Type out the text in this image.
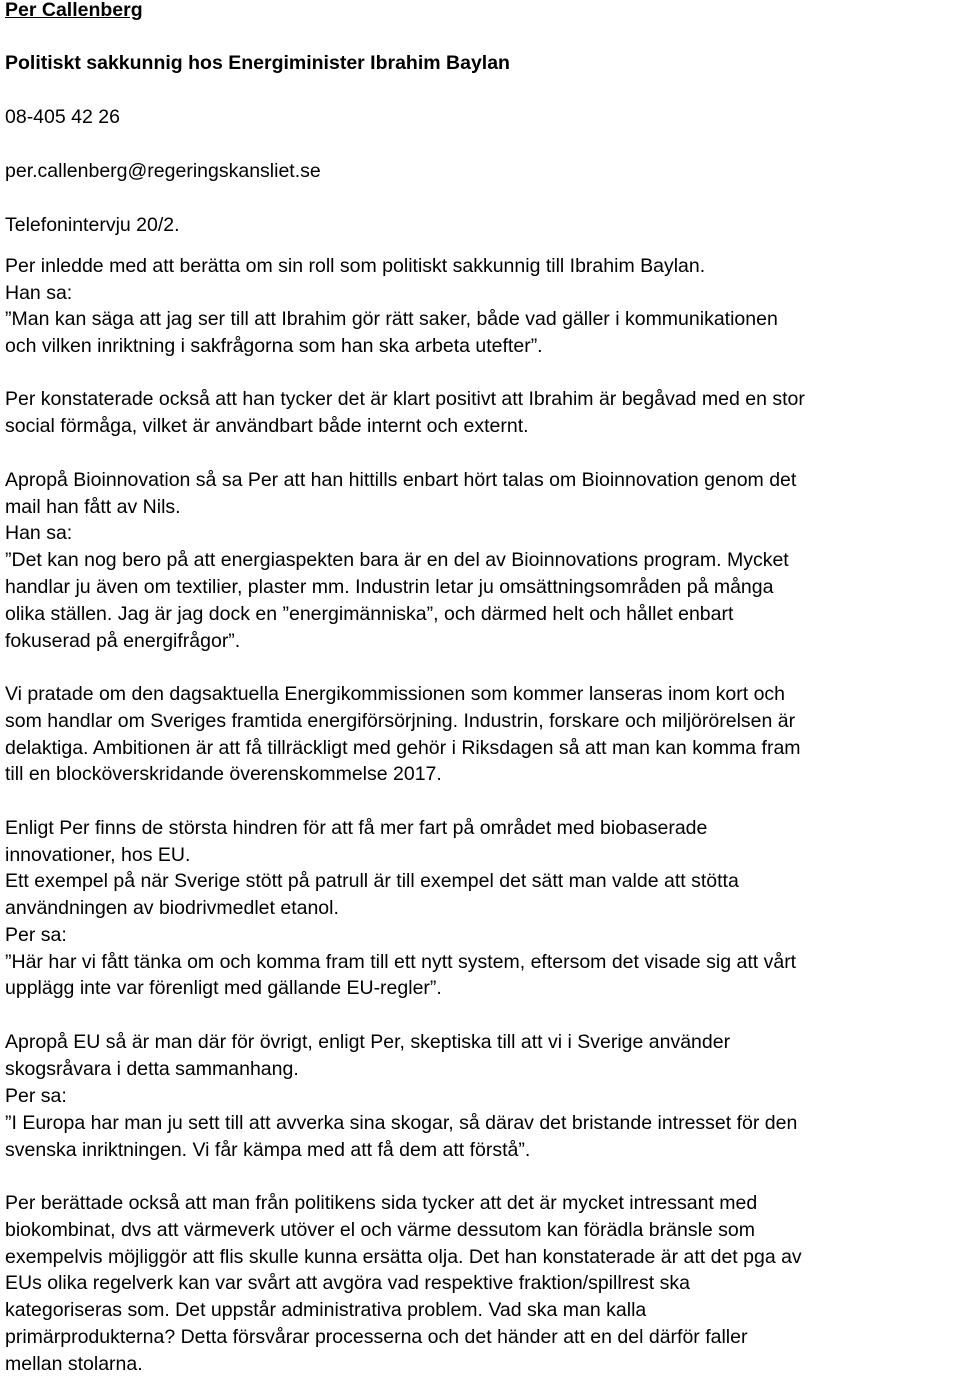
Per Callenberg

Politiskt sakkunnig hos Energiminister Ibrahim Baylan

08-405 42 26

per.callenberg@regeringskansliet.se

Telefonintervju 20/2.

Per inledde med att berätta om sin roll som politiskt sakkunnig till Ibrahim Baylan.

Han sa:

”Man kan säga att jag ser till att Ibrahim gör rätt saker, både vad gäller i kommunikationen

och vilken inriktning i sakfrågorna som han ska arbeta utefter”.

Per konstaterade också att han tycker det är klart positivt att Ibrahim är begåvad med en stor

social förmåga, vilket är användbart både internt och externt.

Apropå Bioinnovation så sa Per att han hittills enbart hört talas om Bioinnovation genom det

mail han fått av Nils.

Han sa:

”Det kan nog bero på att energiaspekten bara är en del av Bioinnovations program. Mycket

handlar ju även om textilier, plaster mm. Industrin letar ju omsättningsområden på många

olika ställen. Jag är jag dock en ”energimänniska”, och därmed helt och hållet enbart

fokuserad på energifrågor”.

Vi pratade om den dagsaktuella Energikommissionen som kommer lanseras inom kort och

som handlar om Sveriges framtida energiförsörjning. Industrin, forskare och miljörörelsen är

delaktiga. Ambitionen är att få tillräckligt med gehör i Riksdagen så att man kan komma fram

till en blocköverskridande överenskommelse 2017.

Enligt Per finns de största hindren för att få mer fart på området med biobaserade

innovationer, hos EU.

Ett exempel på när Sverige stött på patrull är till exempel det sätt man valde att stötta

användningen av biodrivmedlet etanol.

Per sa:

”Här har vi fått tänka om och komma fram till ett nytt system, eftersom det visade sig att vårt

upplägg inte var förenligt med gällande EU-regler”.

Apropå EU så är man där för övrigt, enligt Per, skeptiska till att vi i Sverige använder

skogsråvara i detta sammanhang.

Per sa:

”I Europa har man ju sett till att avverka sina skogar, så därav det bristande intresset för den

svenska inriktningen. Vi får kämpa med att få dem att förstå”.

Per berättade också att man från politikens sida tycker att det är mycket intressant med

biokombinat, dvs att värmeverk utöver el och värme dessutom kan förädla bränsle som

exempelvis möjliggör att flis skulle kunna ersätta olja. Det han konstaterade är att det pga av

EUs olika regelverk kan var svårt att avgöra vad respektive fraktion/spillrest ska

kategoriseras som. Det uppstår administrativa problem. Vad ska man kalla

primärprodukterna? Detta försvårar processerna och det händer att en del därför faller

mellan stolarna.
